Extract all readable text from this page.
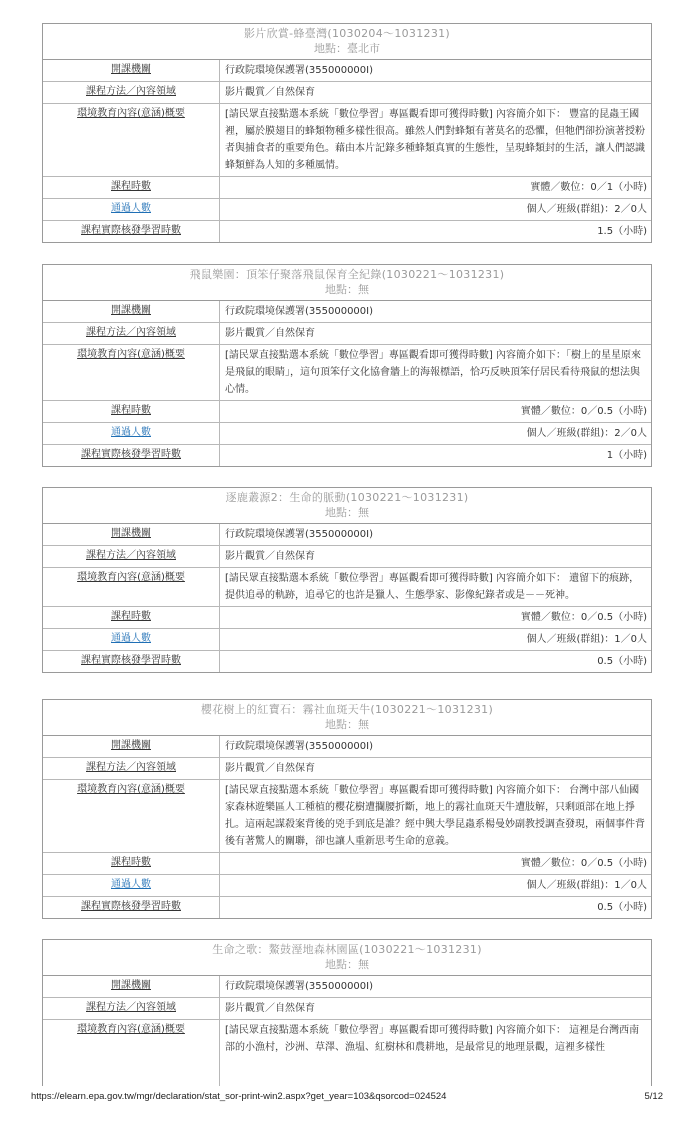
影片欣賞-蜂臺灣(1030204～1031231)
地點：臺北市
開課機關	行政院環境保護署(355000000I)
課程方法／內容領域	影片觀賞／自然保育
環境教育內容(意涵)概要	[請民眾直接點選本系統「數位學習」專區觀看即可獲得時數] 內容簡介如下： 豐富的昆蟲王國裡，屬於膜翅目的蜂類物種多樣性很高。雖然人們對蜂類有著莫名的恐懼，但牠們卻扮演著授粉者與捕食者的重要角色。藉由本片記錄多種蜂類真實的生態性，呈現蜂類封的生活，讓人們認識蜂類鮮為人知的多種風情。
課程時數	實體／數位：0／1（小時)
通過人數	個人／班級(群組)：2／0人
課程實際核發學習時數	1.5（小時)
飛鼠樂園：頂笨仔聚落飛鼠保育全紀錄(1030221～1031231)
地點：無
開課機關	行政院環境保護署(355000000I)
課程方法／內容領域	影片觀賞／自然保育
環境教育內容(意涵)概要	[請民眾直接點選本系統「數位學習」專區觀看即可獲得時數] 內容簡介如下：「樹上的星星原來是飛鼠的眼睛」，這句頂笨仔文化協會牆上的海報標語，恰巧反映頂笨仔居民看待飛鼠的想法與心情。
課程時數	實體／數位：0／0.5（小時)
通過人數	個人／班級(群組)：2／0人
課程實際核發學習時數	1（小時)
逐鹿叢源2：生命的脈動(1030221～1031231)
地點：無
開課機關	行政院環境保護署(355000000I)
課程方法／內容領域	影片觀賞／自然保育
環境教育內容(意涵)概要	[請民眾直接點選本系統「數位學習」專區觀看即可獲得時數] 內容簡介如下： 遺留下的痕跡，提供追尋的軌跡，追尋它的也許是獵人、生態學家、影像紀錄者或是－－死神。
課程時數	實體／數位：0／0.5（小時)
通過人數	個人／班級(群組)：1／0人
課程實際核發學習時數	0.5（小時)
櫻花樹上的紅寶石：霧社血斑天牛(1030221～1031231)
地點：無
開課機關	行政院環境保護署(355000000I)
課程方法／內容領域	影片觀賞／自然保育
環境教育內容(意涵)概要	[請民眾直接點選本系統「數位學習」專區觀看即可獲得時數] 內容簡介如下： 台灣中部八仙國家森林遊樂區人工種植的櫻花樹遭攔腰折斷，地上的霧社血斑天牛遭肢解，只剩頭部在地上掙扎。這兩起謀殺案背後的兇手到底是誰？經中興大學昆蟲系楊曼妙副教授調查發現，兩個事件背後有著驚人的關聯，卻也讓人重新思考生命的意義。
課程時數	實體／數位：0／0.5（小時)
通過人數	個人／班級(群組)：1／0人
課程實際核發學習時數	0.5（小時)
生命之歌：鰲鼓溼地森林園區(1030221～1031231)
地點：無
開課機關	行政院環境保護署(355000000I)
課程方法／內容領域	影片觀賞／自然保育
環境教育內容(意涵)概要	[請民眾直接點選本系統「數位學習」專區觀看即可獲得時數] 內容簡介如下： 這裡是台灣西南部的小漁村，沙洲、草澤、漁塭、紅樹林和農耕地，是最常見的地理景觀，這裡多樣性
https://elearn.epa.gov.tw/mgr/declaration/stat_sor-print-win2.aspx?get_year=103&qsorcod=024524	5/12
